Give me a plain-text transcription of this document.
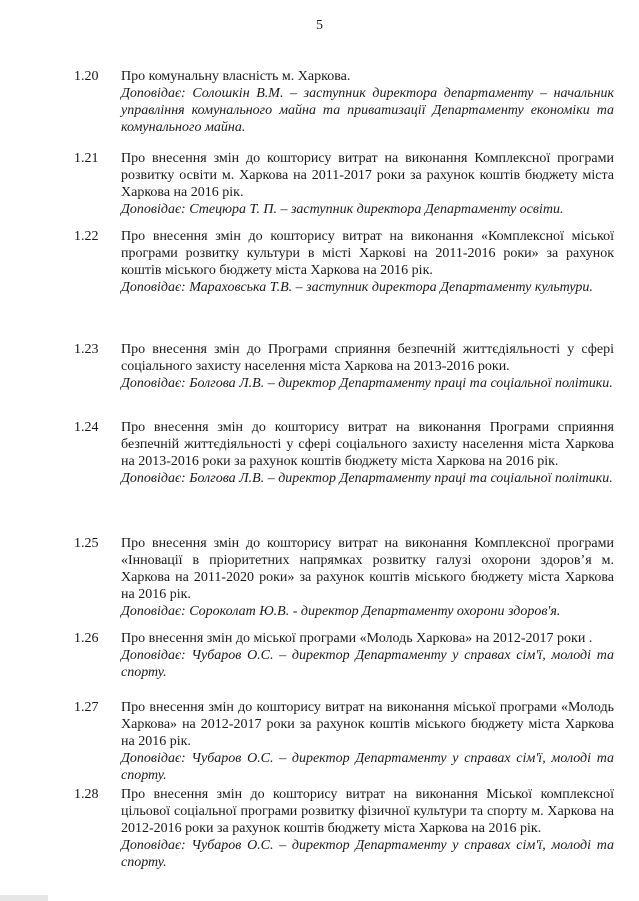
5
1.20	Про комунальну власність м. Харкова.
Доповідає: Солошкін В.М. – заступник директора департаменту – начальник управління комунального майна та приватизації Департаменту економіки та комунального майна.
1.21	Про внесення змін до кошторису витрат на виконання Комплексної програми розвитку освіти м. Харкова на 2011-2017 роки за рахунок коштів бюджету міста Харкова на 2016 рік.
Доповідає: Стецюра Т. П. – заступник директора Департаменту освіти.
1.22	Про внесення змін до кошторису витрат на виконання «Комплексної міської програми розвитку культури в місті Харкові на 2011-2016 роки» за рахунок коштів міського бюджету міста Харкова на 2016 рік.
Доповідає: Мараховська Т.В. – заступник директора Департаменту культури.
1.23	Про внесення змін до Програми сприяння безпечній життєдіяльності у сфері соціального захисту населення міста Харкова на 2013-2016 роки.
Доповідає: Болгова Л.В. – директор Департаменту праці та соціальної політики.
1.24	Про внесення змін до кошторису витрат на виконання Програми сприяння безпечній життєдіяльності у сфері соціального захисту населення міста Харкова на 2013-2016 роки за рахунок коштів бюджету міста Харкова на 2016 рік.
Доповідає: Болгова Л.В. – директор Департаменту праці та соціальної політики.
1.25	Про внесення змін до кошторису витрат на виконання Комплексної програми «Інновації в пріоритетних напрямках розвитку галузі охорони здоров’я м. Харкова на 2011-2020 роки» за рахунок коштів міського бюджету міста Харкова на 2016 рік.
Доповідає: Сороколат Ю.В. - директор Департаменту охорони здоров'я.
1.26	Про внесення змін до міської програми «Молодь Харкова» на 2012-2017 роки .
Доповідає: Чубаров О.С. – директор Департаменту у справах сім'ї, молоді та спорту.
1.27	Про внесення змін до кошторису витрат на виконання міської програми «Молодь Харкова» на 2012-2017 роки за рахунок коштів міського бюджету міста Харкова на 2016 рік.
Доповідає: Чубаров О.С. – директор Департаменту у справах сім'ї, молоді та спорту.
1.28	Про внесення змін до кошторису витрат на виконання Міської комплексної цільової соціальної програми розвитку фізичної культури та спорту м. Харкова на 2012-2016 роки за рахунок коштів бюджету міста Харкова на 2016 рік.
Доповідає: Чубаров О.С. – директор Департаменту у справах сім'ї, молоді та спорту.
